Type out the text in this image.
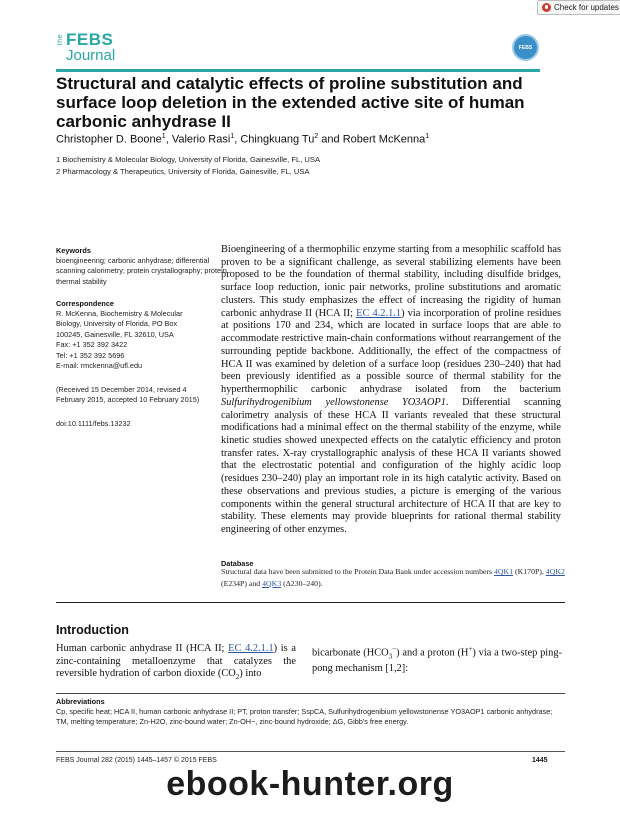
Check for updates
the FEBS
Journal	FEBS
Structural and catalytic effects of proline substitution and surface loop deletion in the extended active site of human carbonic anhydrase II
Christopher D. Boone$^1$, Valerio Rasi$^1$, Chingkuang Tu$^2$ and Robert McKenna$^1$
1 Biochemistry & Molecular Biology, University of Florida, Gainesville, FL, USA
2 Pharmacology & Therapeutics, University of Florida, Gainesville, FL, USA
Keywords
bioengineering; carbonic anhydrase; differential scanning calorimetry; protein crystallography; protein thermal stability
Correspondence
R. McKenna, Biochemistry & Molecular
Biology, University of Florida, PO Box
100245, Gainesville, FL 32610, USA
Fax: +1 352 392 3422
Tel: +1 352 392 5696
E-mail: rmckenna@ufl.edu
(Received 15 December 2014, revised 4 February 2015, accepted 10 February 2015)
doi:10.1111/febs.13232

Bioengineering of a thermophilic enzyme starting from a mesophilic scaffold has proven to be a significant challenge, as several stabilizing elements have been proposed to be the foundation of thermal stability, including disulfide bridges, surface loop reduction, ionic pair networks, proline substitutions and aromatic clusters. This study emphasizes the effect of increasing the rigidity of human carbonic anhydrase II (HCA II; EC 4.2.1.1) via incorporation of proline residues at positions 170 and 234, which are located in surface loops that are able to accommodate restrictive main-chain conformations without rearrangement of the surrounding peptide backbone. Additionally, the effect of the compactness of HCA II was examined by deletion of a surface loop (residues 230–240) that had been previously identified as a possible source of thermal stability for the hyperthermophilic carbonic anhydrase isolated from the bacterium Sulfurihydrogenibium yellowstonense YO3AOP1. Differential scanning calorimetry analysis of these HCA II variants revealed that these structural modifications had a minimal effect on the thermal stability of the enzyme, while kinetic studies showed unexpected effects on the catalytic efficiency and proton transfer rates. X-ray crystallographic analysis of these HCA II variants showed that the electrostatic potential and configuration of the highly acidic loop (residues 230–240) play an important role in its high catalytic activity. Based on these observations and previous studies, a picture is emerging of the various components within the general structural architecture of HCA II that are key to stability. These elements may provide blueprints for rational thermal stability engineering of other enzymes.

Database

Structural data have been submitted to the Protein Data Bank under accession numbers 4QK1 (K170P), 4QK2 (E234P) and 4QK3 (Δ230–240).

Introduction

Human carbonic anhydrase II (HCA II; EC 4.2.1.1) is a zinc-containing metalloenzyme that catalyzes the reversible hydration of carbon dioxide $(CO_2)$ into

bicarbonate $(HCO_3^-)$ and a proton (H+) via a two-step ping-pong mechanism [1,2]:

Abbreviations

Cp, specific heat; HCA II, human carbonic anhydrase II; PT, proton transfer; SspCA, Sulfurihydrogenibium yellowstonense YO3AOP1 carbonic anhydrase; TM, melting temperature; Zn-H2O, zinc-bound water; Zn-OH−, zinc-bound hydroxide; ΔG, Gibb's free energy.

FEBS Journal 282 (2015) 1445–1457 © 2015 FEBS	1445
ebook-hunter.org
